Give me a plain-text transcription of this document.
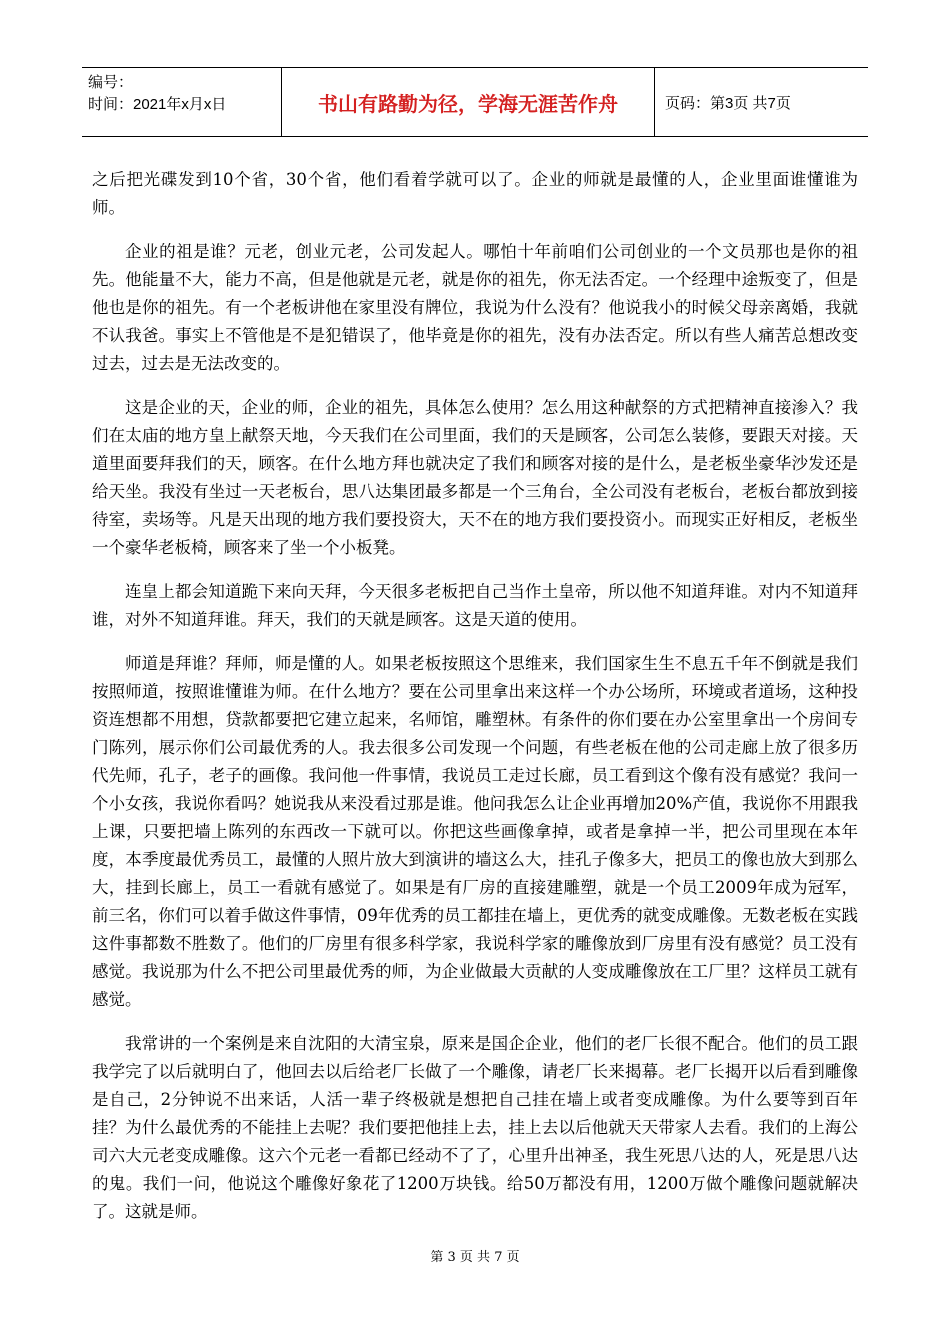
编号：
时间：2021年x月x日	书山有路勤为径，学海无涯苦作舟	页码：第3页 共7页

之后把光碟发到10个省，30个省，他们看着学就可以了。企业的师就是最懂的人，企业里面谁懂谁为师。

企业的祖是谁？元老，创业元老，公司发起人。哪怕十年前咱们公司创业的一个文员那也是你的祖先。他能量不大，能力不高，但是他就是元老，就是你的祖先，你无法否定。一个经理中途叛变了，但是他也是你的祖先。有一个老板讲他在家里没有牌位，我说为什么没有？他说我小的时候父母亲离婚，我就不认我爸。事实上不管他是不是犯错误了，他毕竟是你的祖先，没有办法否定。所以有些人痛苦总想改变过去，过去是无法改变的。

这是企业的天，企业的师，企业的祖先，具体怎么使用？怎么用这种献祭的方式把精神直接渗入？我们在太庙的地方皇上献祭天地，今天我们在公司里面，我们的天是顾客，公司怎么装修，要跟天对接。天道里面要拜我们的天，顾客。在什么地方拜也就决定了我们和顾客对接的是什么，是老板坐豪华沙发还是给天坐。我没有坐过一天老板台，思八达集团最多都是一个三角台，全公司没有老板台，老板台都放到接待室，卖场等。凡是天出现的地方我们要投资大，天不在的地方我们要投资小。而现实正好相反，老板坐一个豪华老板椅，顾客来了坐一个小板凳。

连皇上都会知道跪下来向天拜，今天很多老板把自己当作土皇帝，所以他不知道拜谁。对内不知道拜谁，对外不知道拜谁。拜天，我们的天就是顾客。这是天道的使用。

师道是拜谁？拜师，师是懂的人。如果老板按照这个思维来，我们国家生生不息五千年不倒就是我们按照师道，按照谁懂谁为师。在什么地方？要在公司里拿出来这样一个办公场所，环境或者道场，这种投资连想都不用想，贷款都要把它建立起来，名师馆，雕塑林。有条件的你们要在办公室里拿出一个房间专门陈列，展示你们公司最优秀的人。我去很多公司发现一个问题，有些老板在他的公司走廊上放了很多历代先师，孔子，老子的画像。我问他一件事情，我说员工走过长廊，员工看到这个像有没有感觉？我问一个小女孩，我说你看吗？她说我从来没看过那是谁。他问我怎么让企业再增加20%产值，我说你不用跟我上课，只要把墙上陈列的东西改一下就可以。你把这些画像拿掉，或者是拿掉一半，把公司里现在本年度，本季度最优秀员工，最懂的人照片放大到演讲的墙这么大，挂孔子像多大，把员工的像也放大到那么大，挂到长廊上，员工一看就有感觉了。如果是有厂房的直接建雕塑，就是一个员工2009年成为冠军，前三名，你们可以着手做这件事情，09年优秀的员工都挂在墙上，更优秀的就变成雕像。无数老板在实践这件事都数不胜数了。他们的厂房里有很多科学家，我说科学家的雕像放到厂房里有没有感觉？员工没有感觉。我说那为什么不把公司里最优秀的师，为企业做最大贡献的人变成雕像放在工厂里？这样员工就有感觉。

我常讲的一个案例是来自沈阳的大清宝泉，原来是国企企业，他们的老厂长很不配合。他们的员工跟我学完了以后就明白了，他回去以后给老厂长做了一个雕像，请老厂长来揭幕。老厂长揭开以后看到雕像是自己，2分钟说不出来话，人活一辈子终极就是想把自己挂在墙上或者变成雕像。为什么要等到百年挂？为什么最优秀的不能挂上去呢？我们要把他挂上去，挂上去以后他就天天带家人去看。我们的上海公司六大元老变成雕像。这六个元老一看都已经动不了了，心里升出神圣，我生死思八达的人，死是思八达的鬼。我们一问，他说这个雕像好象花了1200万块钱。给50万都没有用，1200万做个雕像问题就解决了。这就是师。

第 3 页 共 7 页
